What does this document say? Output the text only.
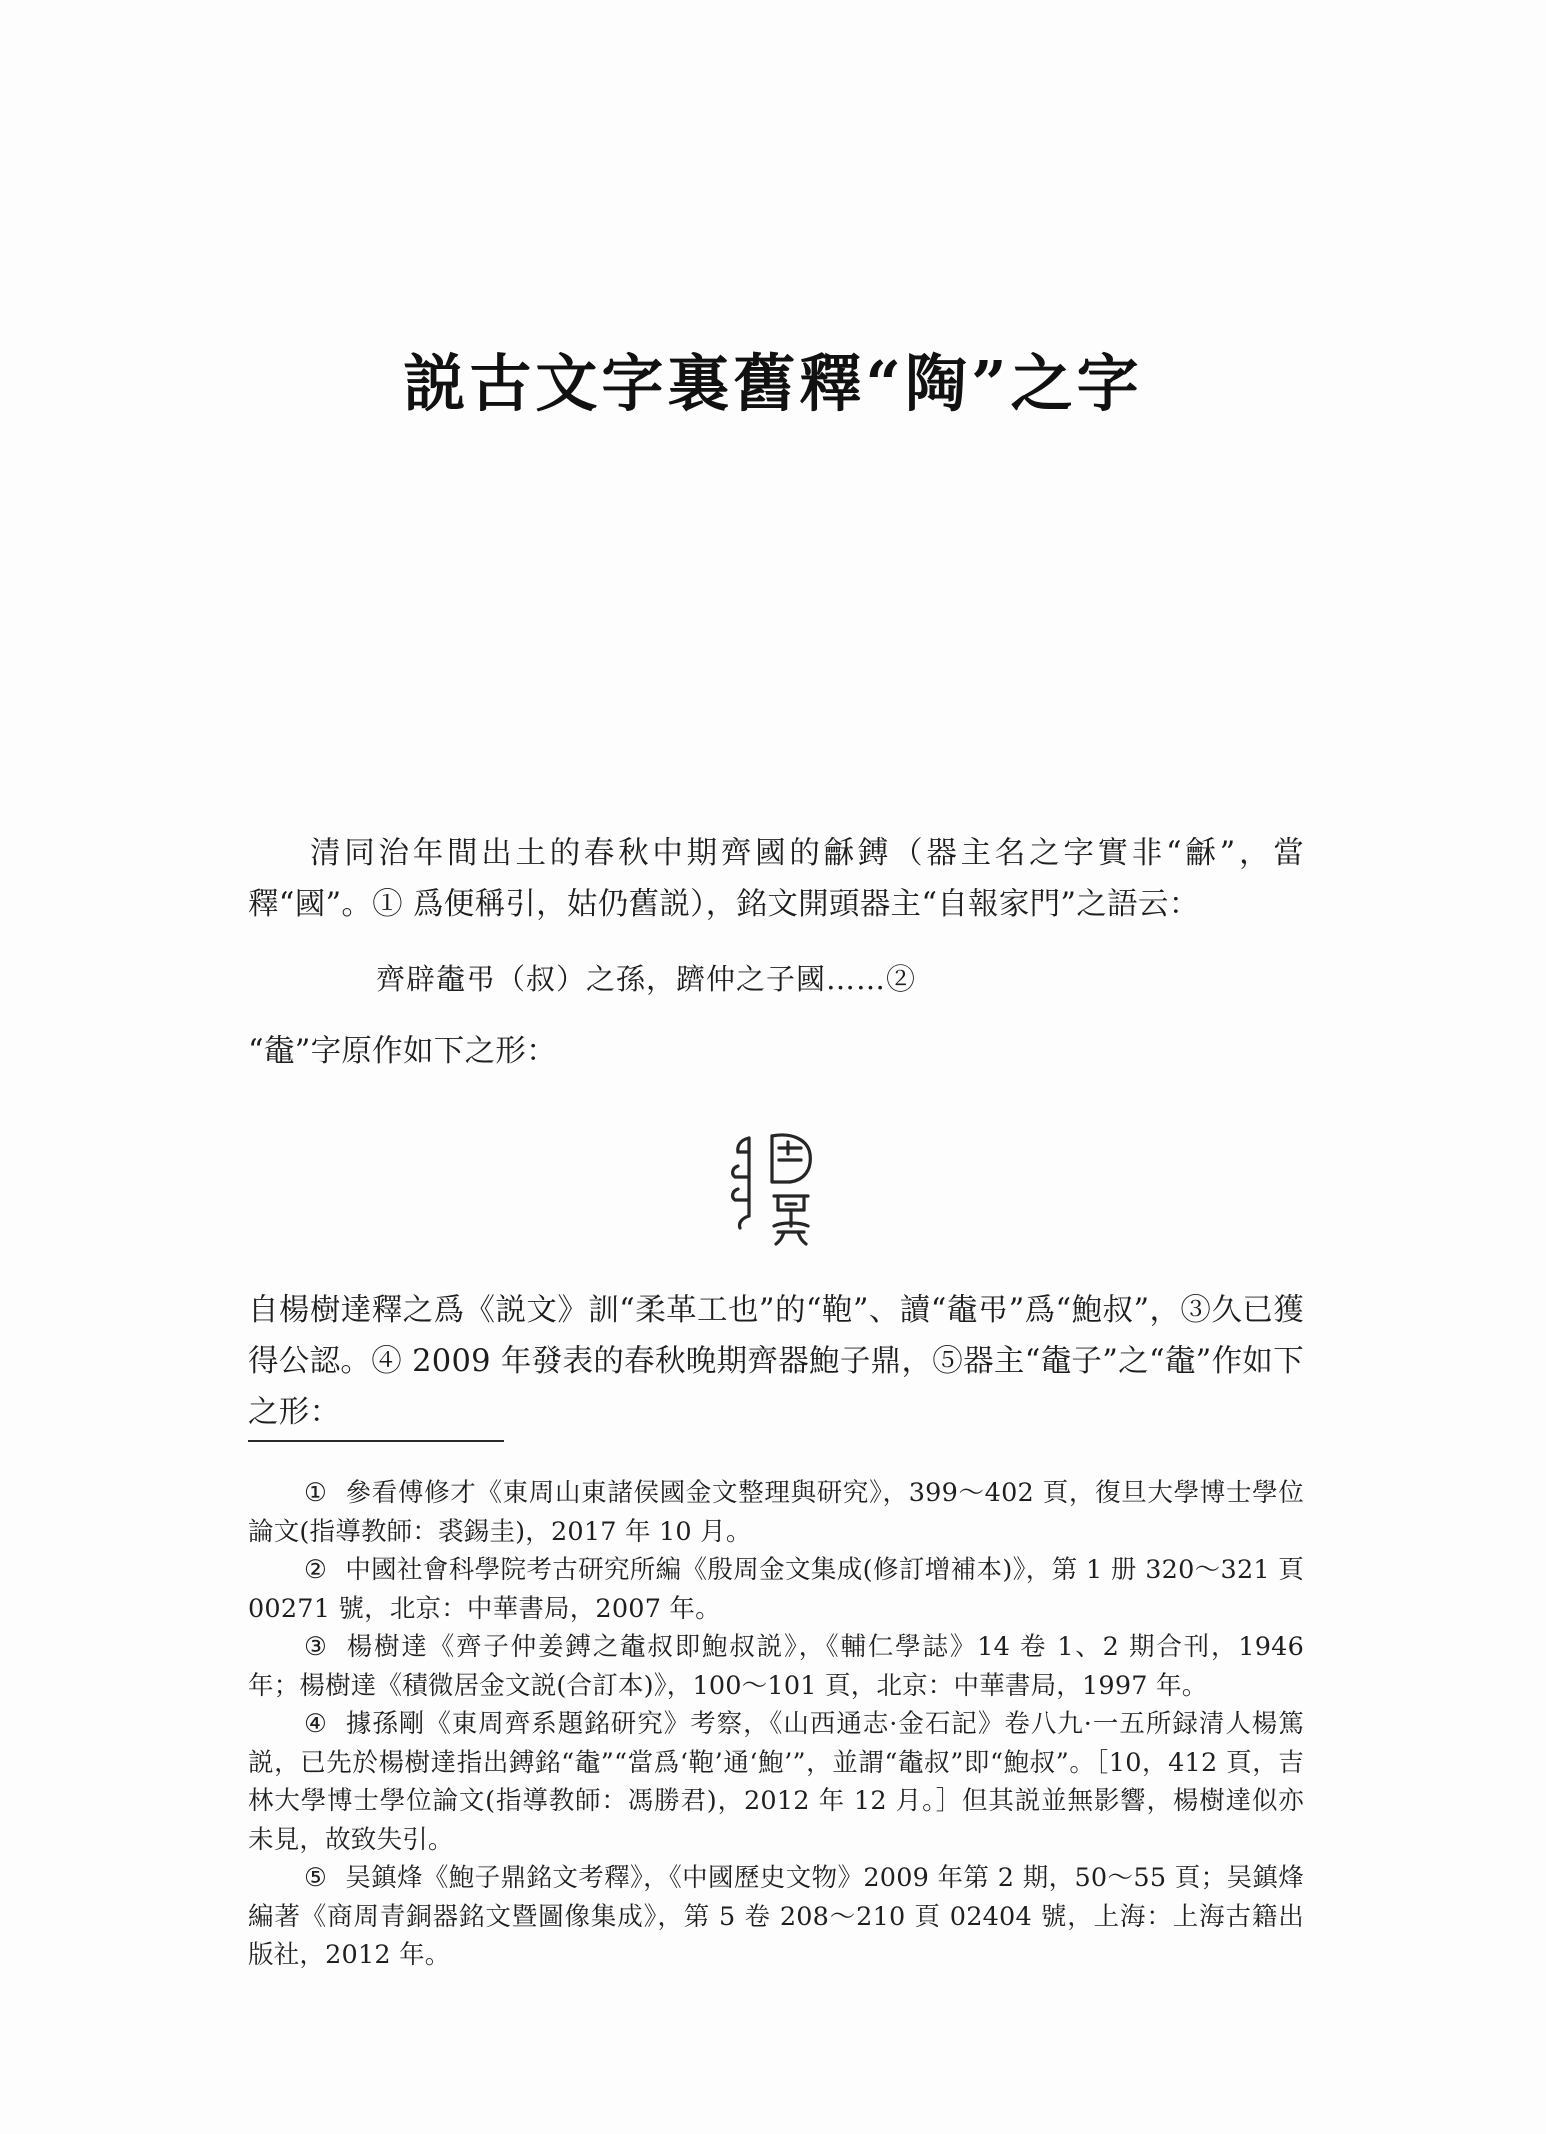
説古文字裏舊釋“陶”之字
清同治年間出土的春秋中期齊國的龢鎛（器主名之字實非“龢”，當釋“國”。① 爲便稱引，姑仍舊説），銘文開頭器主“自報家門”之語云：
齊辟鼄弔（叔）之孫，躋仲之子國……②
“鼄”字原作如下之形：
自楊樹達釋之爲《説文》訓“柔革工也”的“鞄”、讀“鼄弔”爲“鮑叔”，③久已獲得公認。④ 2009 年發表的春秋晚期齊器鮑子鼎，⑤器主“鼄子”之“鼄”作如下之形：
① 參看傅修才《東周山東諸侯國金文整理與研究》，399～402 頁，復旦大學博士學位論文(指導教師：裘錫圭)，2017 年 10 月。
② 中國社會科學院考古研究所編《殷周金文集成(修訂增補本)》，第 1 册 320～321 頁 00271 號，北京：中華書局，2007 年。
③ 楊樹達《齊子仲姜鎛之鼄叔即鮑叔説》，《輔仁學誌》14 卷 1、2 期合刊，1946 年；楊樹達《積微居金文説(合訂本)》，100～101 頁，北京：中華書局，1997 年。
④ 據孫剛《東周齊系題銘研究》考察，《山西通志·金石記》卷八九·一五所録清人楊篤説，已先於楊樹達指出鎛銘“鼄”“當爲‘鞄’通‘鮑’”，並謂“鼄叔”即“鮑叔”。［10，412 頁，吉林大學博士學位論文(指導教師：馮勝君)，2012 年 12 月。］但其説並無影響，楊樹達似亦未見，故致失引。
⑤ 吴鎮烽《鮑子鼎銘文考釋》，《中國歷史文物》2009 年第 2 期，50～55 頁；吴鎮烽編著《商周青銅器銘文暨圖像集成》，第 5 卷 208～210 頁 02404 號，上海：上海古籍出版社，2012 年。
